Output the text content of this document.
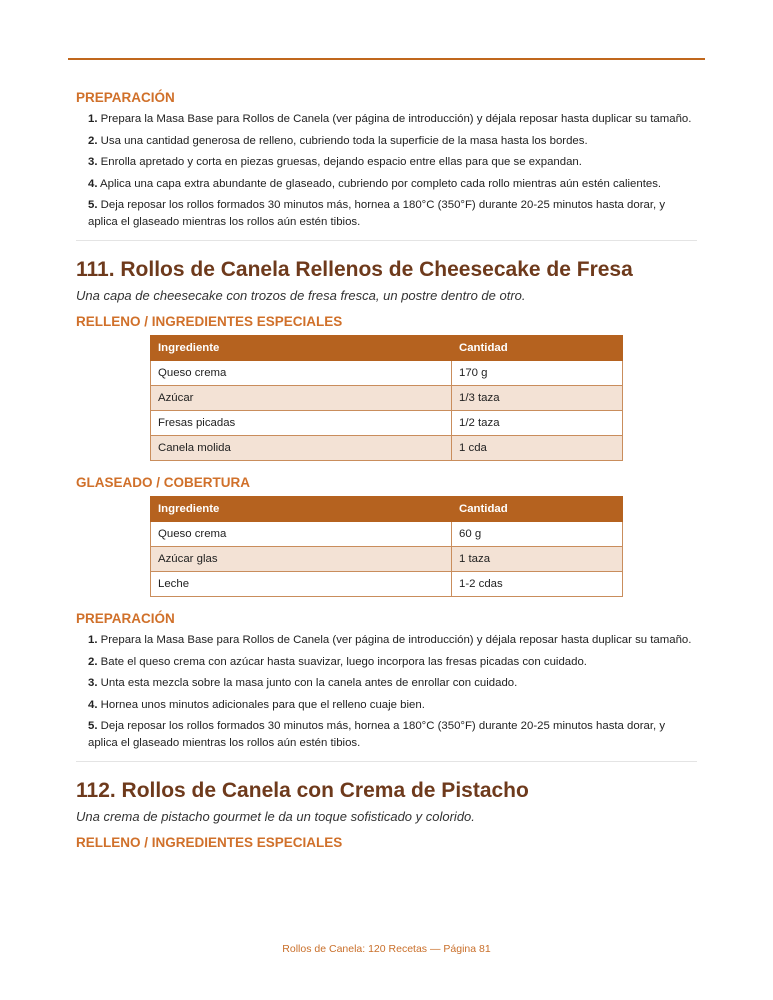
PREPARACIÓN
1. Prepara la Masa Base para Rollos de Canela (ver página de introducción) y déjala reposar hasta duplicar su tamaño.
2. Usa una cantidad generosa de relleno, cubriendo toda la superficie de la masa hasta los bordes.
3. Enrolla apretado y corta en piezas gruesas, dejando espacio entre ellas para que se expandan.
4. Aplica una capa extra abundante de glaseado, cubriendo por completo cada rollo mientras aún estén calientes.
5. Deja reposar los rollos formados 30 minutos más, hornea a 180°C (350°F) durante 20-25 minutos hasta dorar, y aplica el glaseado mientras los rollos aún estén tibios.
111. Rollos de Canela Rellenos de Cheesecake de Fresa
Una capa de cheesecake con trozos de fresa fresca, un postre dentro de otro.
RELLENO / INGREDIENTES ESPECIALES
Ingrediente	Cantidad
Queso crema	170 g
Azúcar	1/3 taza
Fresas picadas	1/2 taza
Canela molida	1 cda
GLASEADO / COBERTURA
Ingrediente	Cantidad
Queso crema	60 g
Azúcar glas	1 taza
Leche	1-2 cdas
PREPARACIÓN
1. Prepara la Masa Base para Rollos de Canela (ver página de introducción) y déjala reposar hasta duplicar su tamaño.
2. Bate el queso crema con azúcar hasta suavizar, luego incorpora las fresas picadas con cuidado.
3. Unta esta mezcla sobre la masa junto con la canela antes de enrollar con cuidado.
4. Hornea unos minutos adicionales para que el relleno cuaje bien.
5. Deja reposar los rollos formados 30 minutos más, hornea a 180°C (350°F) durante 20-25 minutos hasta dorar, y aplica el glaseado mientras los rollos aún estén tibios.
112. Rollos de Canela con Crema de Pistacho
Una crema de pistacho gourmet le da un toque sofisticado y colorido.
RELLENO / INGREDIENTES ESPECIALES
Rollos de Canela: 120 Recetas — Página 81
